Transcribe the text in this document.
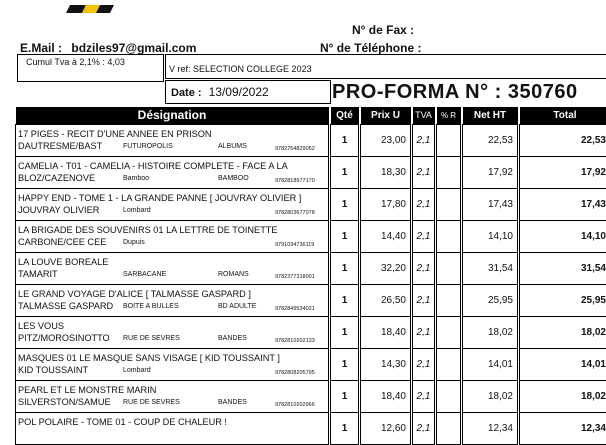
N° de Fax :
E.Mail : bdziles97@gmail.com	N° de Téléphone :
Cumul Tva à 2,1% : 4,03
V ref: SELECTION COLLEGE 2023
Date : 13/09/2022	PRO-FORMA N° : 350760
Désignation		Qté		Prix U		TVA		% R		Net HT		Total

17 PIGES - RECIT D'UNE ANNEE EN PRISON
DAUTRESME/BAST FUTUROPOLIS ALBUMS 9782754829052		1		23,00		2,1				22,53		22,53

CAMELIA - T01 - CAMELIA - HISTOIRE COMPLETE - FACE A LA
BLOZ/CAZENOVE Bamboo BAMBOO 9782818977170		1		18,30		2,1				17,92		17,92

HAPPY END - TOME 1 - LA GRANDE PANNE [ JOUVRAY OLIVIER ]
JOUVRAY OLIVIER Lombard 9782803677078		1		17,80		2,1				17,43		17,43

LA BRIGADE DES SOUVENIRS 01 LA LETTRE DE TOINETTE
CARBONE/CEE CEE Dupuis 9791034736119		1		14,40		2,1				14,10		14,10

LA LOUVE BOREALE
TAMARIT SARBACANE ROMANS 9782377318001		1		32,20		2,1				31,54		31,54

LE GRAND VOYAGE D'ALICE [ TALMASSE GASPARD ]
TALMASSE GASPARD BOITE A BULLES BD ADULTE 9782849534021		1		26,50		2,1				25,95		25,95

LES VOUS
PITZ/MOROSINOTTO RUE DE SEVRES BANDES 9782810202133		1		18,40		2,1				18,02		18,02

MASQUES 01 LE MASQUE SANS VISAGE [ KID TOUSSAINT ]
KID TOUSSAINT Lombard 9782808205795		1		14,30		2,1				14,01		14,01

PEARL ET LE MONSTRE MARIN
SILVERSTON/SAMUE RUE DE SEVRES BANDES 9782810202966		1		18,40		2,1				18,02		18,02

POL POLAIRE - TOME 01 - COUP DE CHALEUR !		1		12,60		2,1				12,34		12,34
